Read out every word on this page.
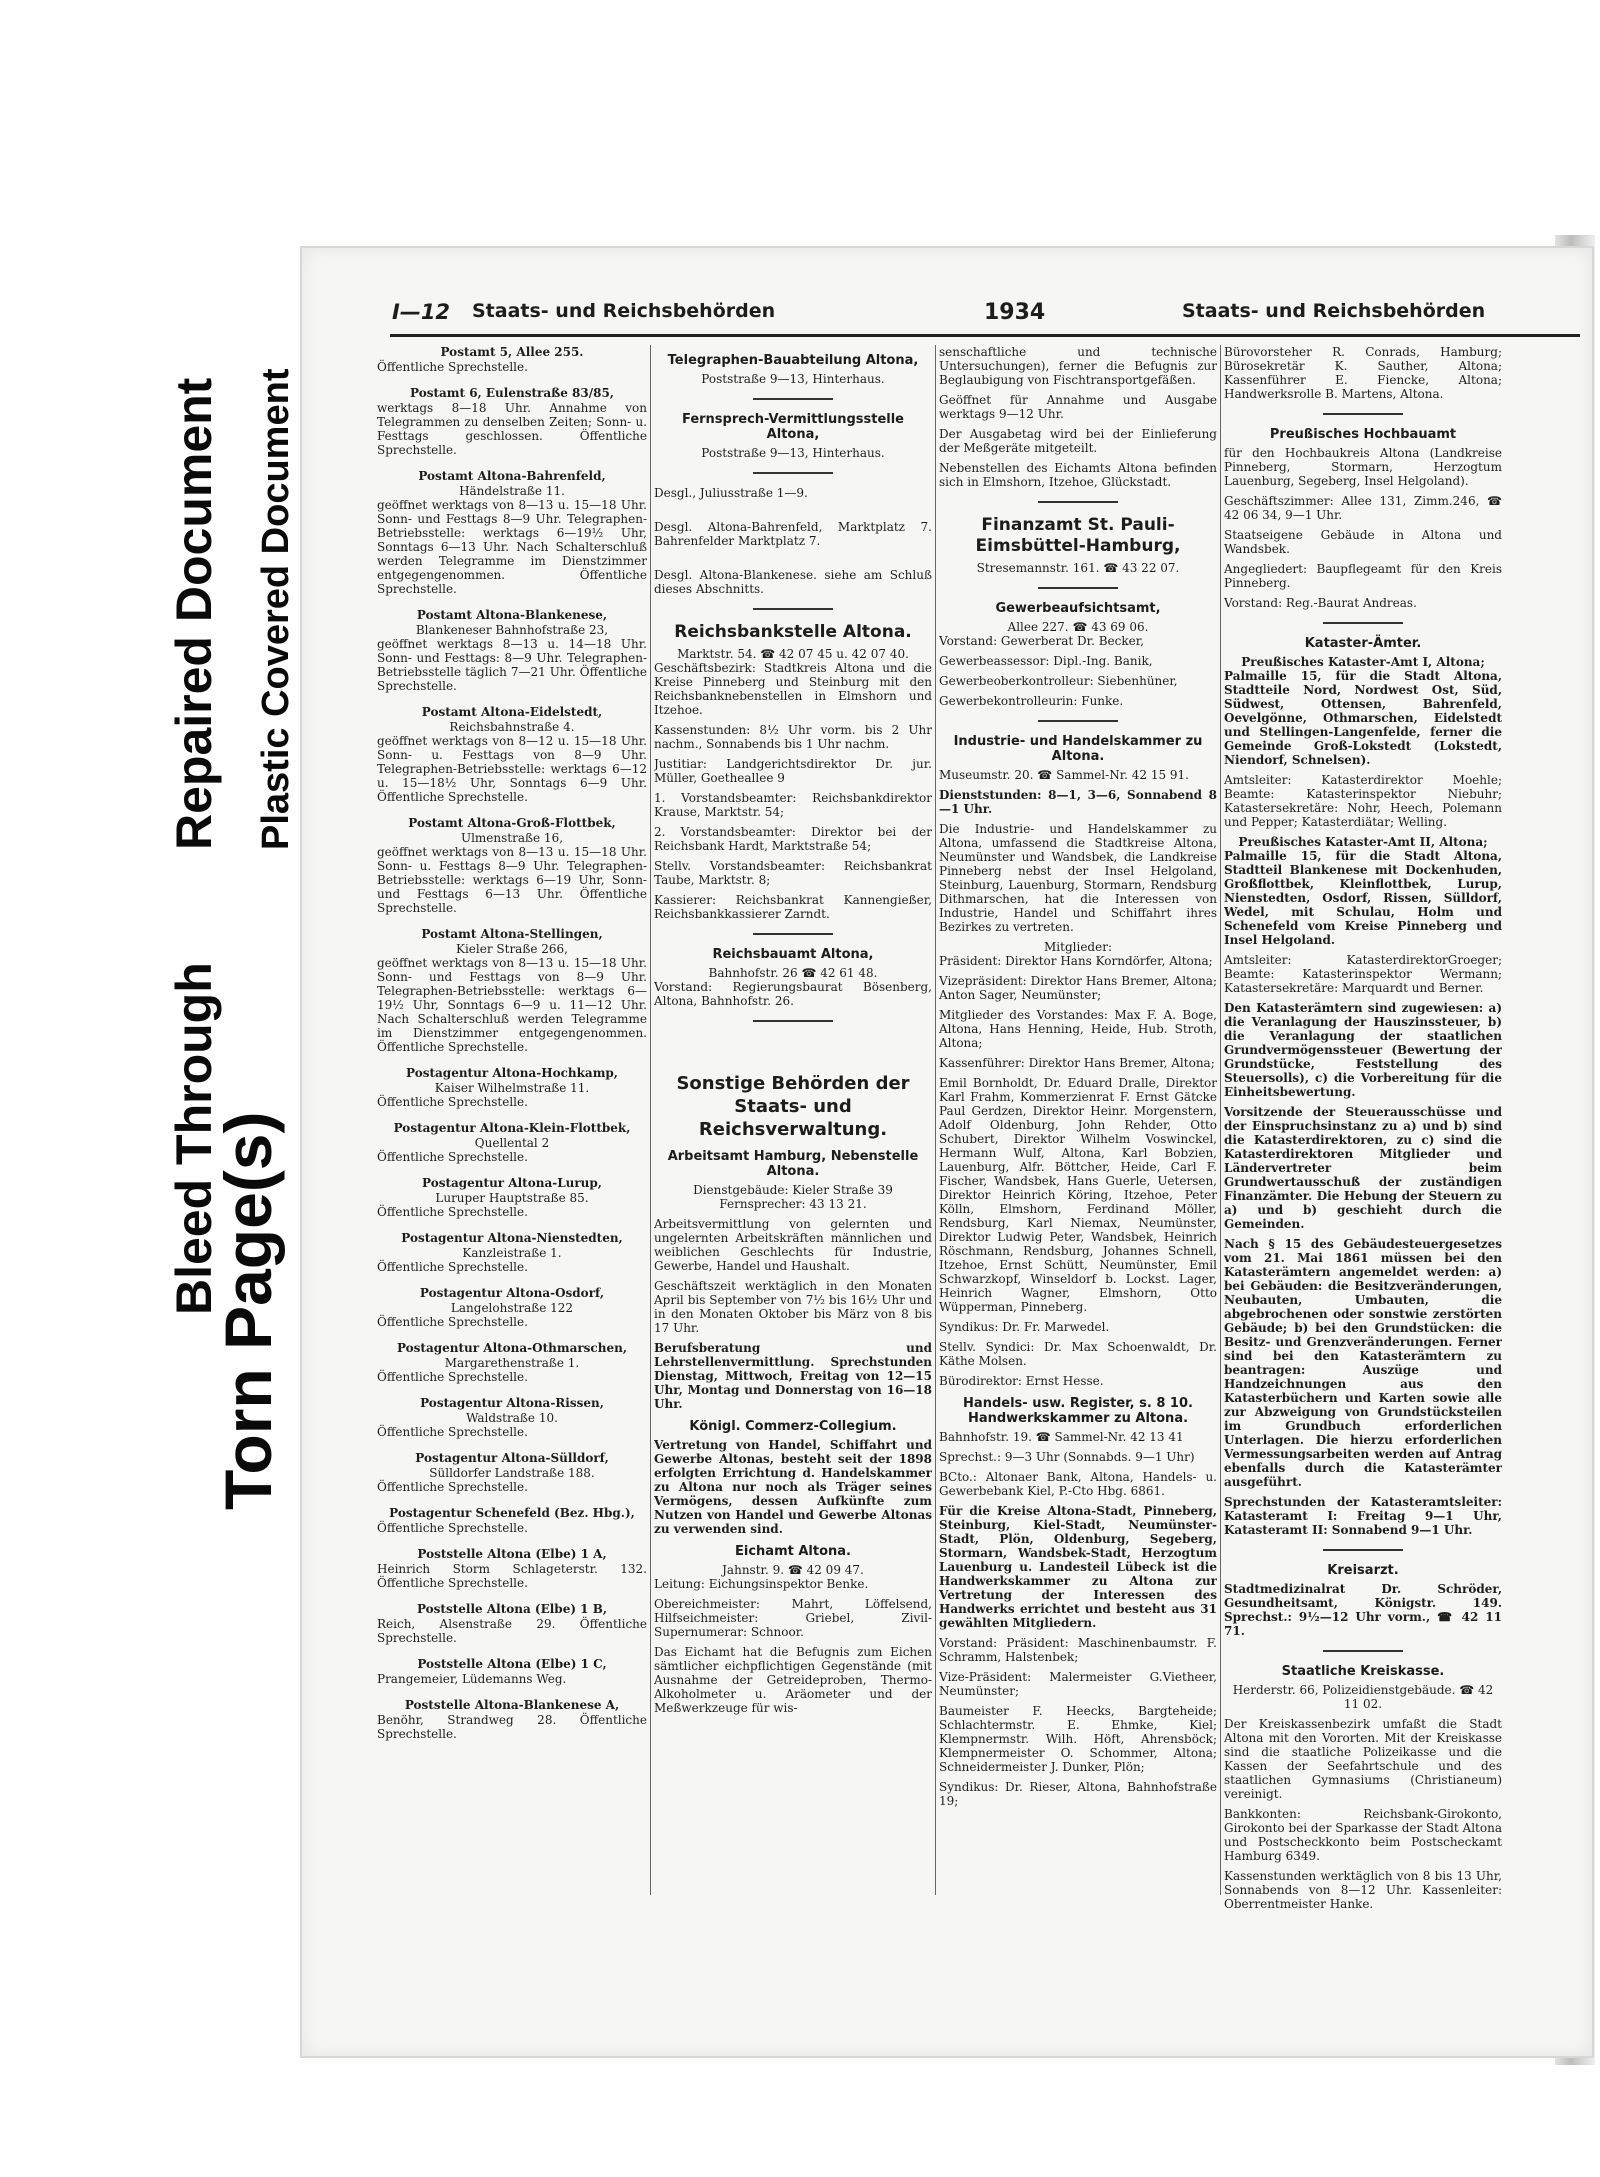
Repaired Document
Bleed Through
Plastic Covered Document
Torn Page(s)
I—12 Staats- und Reichsbehörden	1934	Staats- und Reichsbehörden
Postamt 5, Allee 255.
Öffentliche Sprechstelle.
Postamt 6, Eulenstraße 83/85,
werktags 8—18 Uhr. Annahme von Telegrammen zu denselben Zeiten; Sonn- u. Festtags geschlossen. Öffentliche Sprechstelle.
Postamt Altona-Bahrenfeld,
Händelstraße 11.
geöffnet werktags von 8—13 u. 15—18 Uhr. Sonn- und Festtags 8—9 Uhr. Telegraphen-Betriebsstelle: werktags 6—19½ Uhr, Sonntags 6—13 Uhr. Nach Schalterschluß werden Telegramme im Dienstzimmer entgegengenommen. Öffentliche Sprechstelle.
Postamt Altona-Blankenese,
Blankeneser Bahnhofstraße 23,
geöffnet werktags 8—13 u. 14—18 Uhr. Sonn- und Festtags: 8—9 Uhr. Telegraphen-Betriebsstelle täglich 7—21 Uhr. Öffentliche Sprechstelle.
Postamt Altona-Eidelstedt,
Reichsbahnstraße 4.
geöffnet werktags von 8—12 u. 15—18 Uhr. Sonn- u. Festtags von 8—9 Uhr. Telegraphen-Betriebsstelle: werktags 6—12 u. 15—18½ Uhr, Sonntags 6—9 Uhr. Öffentliche Sprechstelle.
Postamt Altona-Groß-Flottbek,
Ulmenstraße 16,
geöffnet werktags von 8—13 u. 15—18 Uhr. Sonn- u. Festtags 8—9 Uhr. Telegraphen-Betriebsstelle: werktags 6—19 Uhr, Sonn- und Festtags 6—13 Uhr. Öffentliche Sprechstelle.
Postamt Altona-Stellingen,
Kieler Straße 266,
geöffnet werktags von 8—13 u. 15—18 Uhr. Sonn- und Festtags von 8—9 Uhr. Telegraphen-Betriebsstelle: werktags 6—19½ Uhr, Sonntags 6—9 u. 11—12 Uhr. Nach Schalterschluß werden Telegramme im Dienstzimmer entgegengenommen. Öffentliche Sprechstelle.
Postagentur Altona-Hochkamp,
Kaiser Wilhelmstraße 11.
Öffentliche Sprechstelle.
Postagentur Altona-Klein-Flottbek,
Quellental 2
Öffentliche Sprechstelle.
Postagentur Altona-Lurup,
Luruper Hauptstraße 85.
Öffentliche Sprechstelle.
Postagentur Altona-Nienstedten,
Kanzleistraße 1.
Öffentliche Sprechstelle.
Postagentur Altona-Osdorf,
Langelohstraße 122
Öffentliche Sprechstelle.
Postagentur Altona-Othmarschen,
Margarethenstraße 1.
Öffentliche Sprechstelle.
Postagentur Altona-Rissen,
Waldstraße 10.
Öffentliche Sprechstelle.
Postagentur Altona-Sülldorf,
Sülldorfer Landstraße 188.
Öffentliche Sprechstelle.
Postagentur Schenefeld (Bez. Hbg.),
Öffentliche Sprechstelle.
Poststelle Altona (Elbe) 1 A,
Heinrich Storm Schlageterstr. 132. Öffentliche Sprechstelle.
Poststelle Altona (Elbe) 1 B,
Reich, Alsenstraße 29. Öffentliche Sprechstelle.
Poststelle Altona (Elbe) 1 C,
Prangemeier, Lüdemanns Weg.
Poststelle Altona-Blankenese A,
Benöhr, Strandweg 28. Öffentliche Sprechstelle.
Telegraphen-Bauabteilung Altona,
Poststraße 9—13, Hinterhaus.
Fernsprech-Vermittlungsstelle Altona,
Poststraße 9—13, Hinterhaus.
Desgl., Juliusstraße 1—9.
Desgl. Altona-Bahrenfeld, Marktplatz 7. Bahrenfelder Marktplatz 7.
Desgl. Altona-Blankenese. siehe am Schluß dieses Abschnitts.
Reichsbankstelle Altona.
Marktstr. 54. ☎ 42 07 45 u. 42 07 40.
Geschäftsbezirk: Stadtkreis Altona und die Kreise Pinneberg und Steinburg mit den Reichsbanknebenstellen in Elmshorn und Itzehoe.
Kassenstunden: 8½ Uhr vorm. bis 2 Uhr nachm., Sonnabends bis 1 Uhr nachm.
Justitiar: Landgerichtsdirektor Dr. jur. Müller, Goetheallee 9
1. Vorstandsbeamter: Reichsbankdirektor Krause, Marktstr. 54;
2. Vorstandsbeamter: Direktor bei der Reichsbank Hardt, Marktstraße 54;
Stellv. Vorstandsbeamter: Reichsbankrat Taube, Marktstr. 8;
Kassierer: Reichsbankrat Kannengießer, Reichsbankkassierer Zarndt.
Reichsbauamt Altona,
Bahnhofstr. 26 ☎ 42 61 48.
Vorstand: Regierungsbaurat Bösenberg, Altona, Bahnhofstr. 26.
Sonstige Behörden der Staats- und Reichsverwaltung.
Arbeitsamt Hamburg, Nebenstelle Altona.
Dienstgebäude: Kieler Straße 39
Fernsprecher: 43 13 21.
Arbeitsvermittlung von gelernten und ungelernten Arbeitskräften männlichen und weiblichen Geschlechts für Industrie, Gewerbe, Handel und Haushalt.
Geschäftszeit werktäglich in den Monaten April bis September von 7½ bis 16½ Uhr und in den Monaten Oktober bis März von 8 bis 17 Uhr.
Berufsberatung und Lehrstellenvermittlung. Sprechstunden Dienstag, Mittwoch, Freitag von 12—15 Uhr, Montag und Donnerstag von 16—18 Uhr.
Königl. Commerz-Collegium.
Vertretung von Handel, Schiffahrt und Gewerbe Altonas, besteht seit der 1898 erfolgten Errichtung d. Handelskammer zu Altona nur noch als Träger seines Vermögens, dessen Aufkünfte zum Nutzen von Handel und Gewerbe Altonas zu verwenden sind.
Eichamt Altona.
Jahnstr. 9. ☎ 42 09 47.
Leitung: Eichungsinspektor Benke.
Obereichmeister: Mahrt, Löffelsend, Hilfseichmeister: Griebel, Zivil-Supernumerar: Schnoor.
Das Eichamt hat die Befugnis zum Eichen sämtlicher eichpflichtigen Gegenstände (mit Ausnahme der Getreideproben, Thermo-Alkoholmeter u. Aräometer und der Meßwerkzeuge für wis-
senschaftliche und technische Untersuchungen), ferner die Befugnis zur Beglaubigung von Fischtransportgefäßen.
Geöffnet für Annahme und Ausgabe werktags 9—12 Uhr.
Der Ausgabetag wird bei der Einlieferung der Meßgeräte mitgeteilt.
Nebenstellen des Eichamts Altona befinden sich in Elmshorn, Itzehoe, Glückstadt.
Finanzamt St. Pauli-Eimsbüttel-Hamburg,
Stresemannstr. 161. ☎ 43 22 07.
Gewerbeaufsichtsamt,
Allee 227. ☎ 43 69 06.
Vorstand: Gewerberat Dr. Becker,
Gewerbeassessor: Dipl.-Ing. Banik,
Gewerbeoberkontrolleur: Siebenhüner,
Gewerbekontrolleurin: Funke.
Industrie- und Handelskammer zu Altona.
Museumstr. 20. ☎ Sammel-Nr. 42 15 91.
Dienststunden: 8—1, 3—6, Sonnabend 8—1 Uhr.
Die Industrie- und Handelskammer zu Altona, umfassend die Stadtkreise Altona, Neumünster und Wandsbek, die Landkreise Pinneberg nebst der Insel Helgoland, Steinburg, Lauenburg, Stormarn, Rendsburg Dithmarschen, hat die Interessen von Industrie, Handel und Schiffahrt ihres Bezirkes zu vertreten.
Mitglieder:
Präsident: Direktor Hans Korndörfer, Altona;
Vizepräsident: Direktor Hans Bremer, Altona; Anton Sager, Neumünster;
Mitglieder des Vorstandes: Max F. A. Boge, Altona, Hans Henning, Heide, Hub. Stroth, Altona;
Kassenführer: Direktor Hans Bremer, Altona;
Emil Bornholdt, Dr. Eduard Dralle, Direktor Karl Frahm, Kommerzienrat F. Ernst Gätcke Paul Gerdzen, Direktor Heinr. Morgenstern, Adolf Oldenburg, John Rehder, Otto Schubert, Direktor Wilhelm Voswinckel, Hermann Wulf, Altona, Karl Bobzien, Lauenburg, Alfr. Böttcher, Heide, Carl F. Fischer, Wandsbek, Hans Guerle, Uetersen, Direktor Heinrich Köring, Itzehoe, Peter Kölln, Elmshorn, Ferdinand Möller, Rendsburg, Karl Niemax, Neumünster, Direktor Ludwig Peter, Wandsbek, Heinrich Röschmann, Rendsburg, Johannes Schnell, Itzehoe, Ernst Schütt, Neumünster, Emil Schwarzkopf, Winseldorf b. Lockst. Lager, Heinrich Wagner, Elmshorn, Otto Wüpperman, Pinneberg.
Syndikus: Dr. Fr. Marwedel.
Stellv. Syndici: Dr. Max Schoenwaldt, Dr. Käthe Molsen.
Bürodirektor: Ernst Hesse.
Handels- usw. Register, s. 8 10. Handwerkskammer zu Altona.
Bahnhofstr. 19. ☎ Sammel-Nr. 42 13 41
Sprechst.: 9—3 Uhr (Sonnabds. 9—1 Uhr)
BCto.: Altonaer Bank, Altona, Handels- u. Gewerbebank Kiel, P.-Cto Hbg. 6861.
Für die Kreise Altona-Stadt, Pinneberg, Steinburg, Kiel-Stadt, Neumünster-Stadt, Plön, Oldenburg, Segeberg, Stormarn, Wandsbek-Stadt, Herzogtum Lauenburg u. Landesteil Lübeck ist die Handwerkskammer zu Altona zur Vertretung der Interessen des Handwerks errichtet und besteht aus 31 gewählten Mitgliedern.
Vorstand: Präsident: Maschinenbaumstr. F. Schramm, Halstenbek;
Vize-Präsident: Malermeister G.Vietheer, Neumünster;
Baumeister F. Heecks, Bargteheide; Schlachtermstr. E. Ehmke, Kiel; Klempnermstr. Wilh. Höft, Ahrensböck; Klempnermeister O. Schommer, Altona; Schneidermeister J. Dunker, Plön;
Syndikus: Dr. Rieser, Altona, Bahnhofstraße 19;
Bürovorsteher R. Conrads, Hamburg; Bürosekretär K. Sauther, Altona; Kassenführer E. Fiencke, Altona; Handwerksrolle B. Martens, Altona.
Preußisches Hochbauamt
für den Hochbaukreis Altona (Landkreise Pinneberg, Stormarn, Herzogtum Lauenburg, Segeberg, Insel Helgoland).
Geschäftszimmer: Allee 131, Zimm.246, ☎ 42 06 34, 9—1 Uhr.
Staatseigene Gebäude in Altona und Wandsbek.
Angegliedert: Baupflegeamt für den Kreis Pinneberg.
Vorstand: Reg.-Baurat Andreas.
Kataster-Ämter.
Preußisches Kataster-Amt I, Altona;
Palmaille 15, für die Stadt Altona, Stadtteile Nord, Nordwest Ost, Süd, Südwest, Ottensen, Bahrenfeld, Oevelgönne, Othmarschen, Eidelstedt und Stellingen-Langenfelde, ferner die Gemeinde Groß-Lokstedt (Lokstedt, Niendorf, Schnelsen).
Amtsleiter: Katasterdirektor Moehle; Beamte: Katasterinspektor Niebuhr; Katastersekretäre: Nohr, Heech, Polemann und Pepper; Katasterdiätar; Welling.
Preußisches Kataster-Amt II, Altona;
Palmaille 15, für die Stadt Altona, Stadtteil Blankenese mit Dockenhuden, Großflottbek, Kleinflottbek, Lurup, Nienstedten, Osdorf, Rissen, Sülldorf, Wedel, mit Schulau, Holm und Schenefeld vom Kreise Pinneberg und Insel Helgoland.
Amtsleiter: KatasterdirektorGroeger; Beamte: Katasterinspektor Wermann; Katastersekretäre: Marquardt und Berner.
Den Katasterämtern sind zugewiesen: a) die Veranlagung der Hauszinssteuer, b) die Veranlagung der staatlichen Grundvermögenssteuer (Bewertung der Grundstücke, Feststellung des Steuersolls), c) die Vorbereitung für die Einheitsbewertung.
Vorsitzende der Steuerausschüsse und der Einspruchsinstanz zu a) und b) sind die Katasterdirektoren, zu c) sind die Katasterdirektoren Mitglieder und Ländervertreter beim Grundwertausschuß der zuständigen Finanzämter. Die Hebung der Steuern zu a) und b) geschieht durch die Gemeinden.
Nach § 15 des Gebäudesteuergesetzes vom 21. Mai 1861 müssen bei den Katasterämtern angemeldet werden: a) bei Gebäuden: die Besitzveränderungen, Neubauten, Umbauten, die abgebrochenen oder sonstwie zerstörten Gebäude; b) bei den Grundstücken: die Besitz- und Grenzveränderungen. Ferner sind bei den Katasterämtern zu beantragen: Auszüge und Handzeichnungen aus den Katasterbüchern und Karten sowie alle zur Abzweigung von Grundstücksteilen im Grundbuch erforderlichen Unterlagen. Die hierzu erforderlichen Vermessungsarbeiten werden auf Antrag ebenfalls durch die Katasterämter ausgeführt.
Sprechstunden der Katasteramtsleiter: Katasteramt I: Freitag 9—1 Uhr, Katasteramt II: Sonnabend 9—1 Uhr.
Kreisarzt.
Stadtmedizinalrat Dr. Schröder, Gesundheitsamt, Königstr. 149. Sprechst.: 9½—12 Uhr vorm., ☎ 42 11 71.
Staatliche Kreiskasse.
Herderstr. 66, Polizeidienstgebäude. ☎ 42 11 02.
Der Kreiskassenbezirk umfaßt die Stadt Altona mit den Vororten. Mit der Kreiskasse sind die staatliche Polizeikasse und die Kassen der Seefahrtschule und des staatlichen Gymnasiums (Christianeum) vereinigt.
Bankkonten: Reichsbank-Girokonto, Girokonto bei der Sparkasse der Stadt Altona und Postscheckkonto beim Postscheckamt Hamburg 6349.
Kassenstunden werktäglich von 8 bis 13 Uhr, Sonnabends von 8—12 Uhr. Kassenleiter: Oberrentmeister Hanke.
